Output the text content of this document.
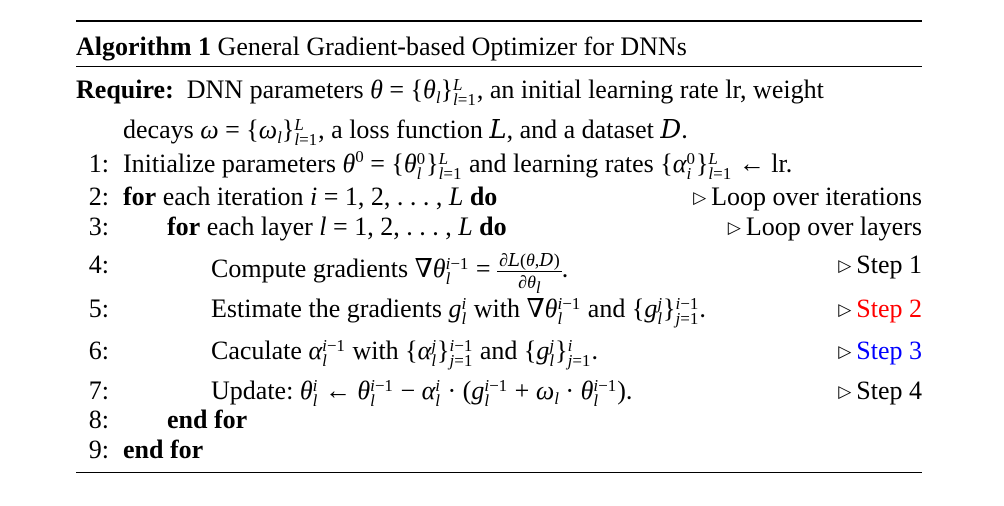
Algorithm 1 General Gradient-based Optimizer for DNNs
Require: DNN parameters $\theta = \{\theta_l\}$ L
l=1 , an initial learning rate lr, weight
decays $\omega = \{\omega_l\}$ L
l=1 , a loss function L, and a dataset D.
1: Initialize parameters $\theta^0 = \{\theta$ 0
l } L
l=1 and learning rates {α 0
i } L
l=1 ← lr.
2: for each iteration i = 1, 2, . . . , L do	▷ Loop over iterations
3: for each layer l = 1, 2, . . . , L do	▷ Loop over layers
4:	Compute gradients ∇θ i−1
$l = \frac{\partial L(\theta,D)}{\partial\theta_l}$ .	▷ Step 1
5:	Estimate the gradients g i
l with ∇θ i−1
l and {g j
l } i−1
j=1 .	▷ Step 2
6:	Caculate α i−1
l with {α j
l } i−1
j=1 and {g j
l } i
j=1 .	▷ Step 3
7:	Update: θ i
l ← θ i−1
l − α i
l · (g i−1
$l + \omega_l \cdot \theta$ i−1
l ).	▷ Step 4
8: end for
9: end for
